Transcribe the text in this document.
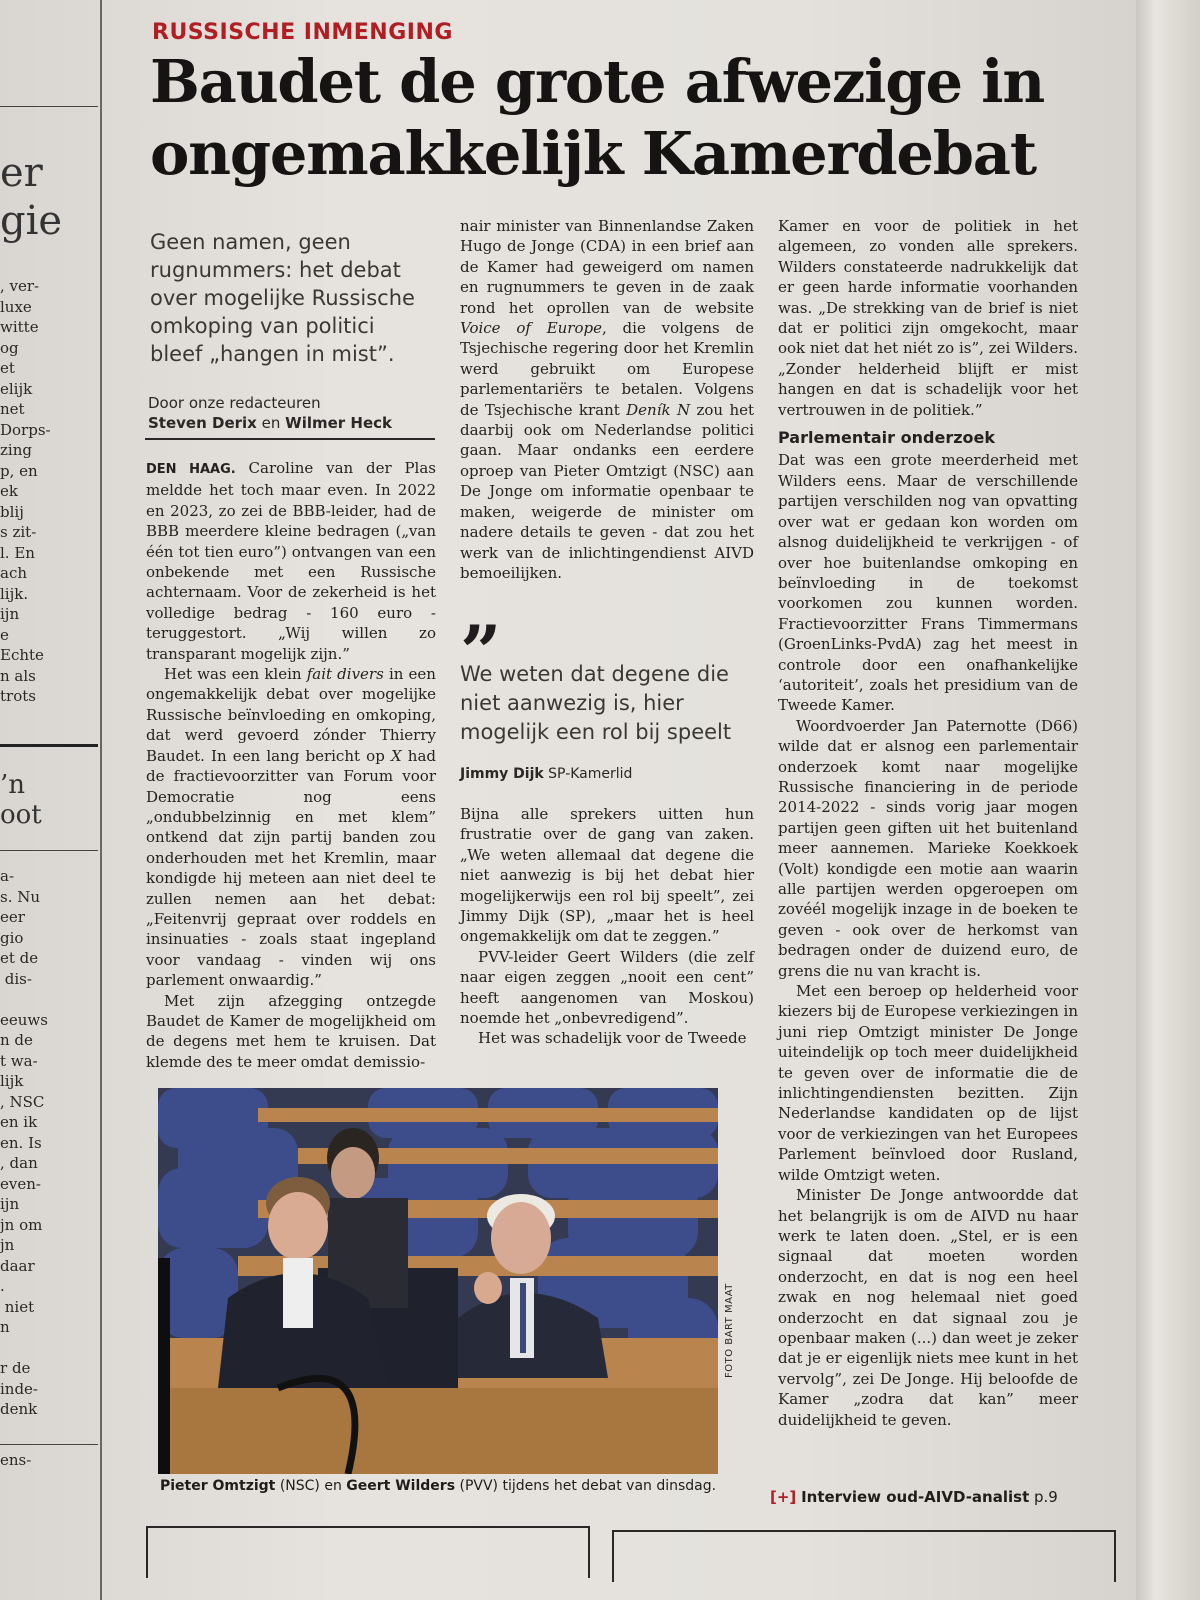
er
gie
, ver-
luxe
witte
og
et
elijk
net
Dorps-
zing
p, en
ek
blij
s zit-
l. En
ach
lijk.
ijn
e
Echte
n als
trots
’n
oot
a-
s. Nu
eer
gio
et de
dis-

eeuws
n de
t wa-
lijk
, NSC
en ik
en. Is
, dan
even-
ijn
jn om
jn
daar
.
niet
n

r de
inde-
denk
ens-
RUSSISCHE INMENGING
Baudet de grote afwezige in
ongemakkelijk Kamerdebat

Geen namen, geen rugnummers: het debat over mogelijke Russische omkoping van politici bleef „hangen in mist”.

Door onze redacteuren
Steven Derix en Wilmer Heck

DEN HAAG. Caroline van der Plas meldde het toch maar even. In 2022 en 2023, zo zei de BBB-leider, had de BBB meerdere kleine bedragen („van één tot tien euro”) ontvangen van een onbekende met een Russische achternaam. Voor de zekerheid is het volledige bedrag - 160 euro - teruggestort. „Wij willen zo transparant mogelijk zijn.”

Het was een klein fait divers in een ongemakkelijk debat over mogelijke Russische beïnvloeding en omkoping, dat werd gevoerd zónder Thierry Baudet. In een lang bericht op X had de fractievoorzitter van Forum voor Democratie nog eens „ondubbelzinnig en met klem” ontkend dat zijn partij banden zou onderhouden met het Kremlin, maar kondigde hij meteen aan niet deel te zullen nemen aan het debat: „Feitenvrij gepraat over roddels en insinuaties - zoals staat ingepland voor vandaag - vinden wij ons parlement onwaardig.”

Met zijn afzegging ontzegde Baudet de Kamer de mogelijkheid om de degens met hem te kruisen. Dat klemde des te meer omdat demissio-

nair minister van Binnenlandse Zaken Hugo de Jonge (CDA) in een brief aan de Kamer had geweigerd om namen en rugnummers te geven in de zaak rond het oprollen van de website Voice of Europe, die volgens de Tsjechische regering door het Kremlin werd gebruikt om Europese parlementariërs te betalen. Volgens de Tsjechische krant Deník N zou het daarbij ook om Nederlandse politici gaan. Maar ondanks een eerdere oproep van Pieter Omtzigt (NSC) aan De Jonge om informatie openbaar te maken, weigerde de minister om nadere details te geven - dat zou het werk van de inlichtingendienst AIVD bemoeilijken.

”

We weten dat degene die niet aanwezig is, hier mogelijk een rol bij speelt

Jimmy Dijk SP-Kamerlid

Bijna alle sprekers uitten hun frustratie over de gang van zaken. „We weten allemaal dat degene die niet aanwezig is bij het debat hier mogelijkerwijs een rol bij speelt”, zei Jimmy Dijk (SP), „maar het is heel ongemakkelijk om dat te zeggen.”

PVV-leider Geert Wilders (die zelf naar eigen zeggen „nooit een cent” heeft aangenomen van Moskou) noemde het „onbevredigend”.

Het was schadelijk voor de Tweede

Kamer en voor de politiek in het algemeen, zo vonden alle sprekers. Wilders constateerde nadrukkelijk dat er geen harde informatie voorhanden was. „De strekking van de brief is niet dat er politici zijn omgekocht, maar ook niet dat het niét zo is”, zei Wilders. „Zonder helderheid blijft er mist hangen en dat is schadelijk voor het vertrouwen in de politiek.”

Parlementair onderzoek

Dat was een grote meerderheid met Wilders eens. Maar de verschillende partijen verschilden nog van opvatting over wat er gedaan kon worden om alsnog duidelijkheid te verkrijgen - of over hoe buitenlandse omkoping en beïnvloeding in de toekomst voorkomen zou kunnen worden. Fractievoorzitter Frans Timmermans (GroenLinks-PvdA) zag het meest in controle door een onafhankelijke ‘autoriteit’, zoals het presidium van de Tweede Kamer.

Woordvoerder Jan Paternotte (D66) wilde dat er alsnog een parlementair onderzoek komt naar mogelijke Russische financiering in de periode 2014-2022 - sinds vorig jaar mogen partijen geen giften uit het buitenland meer aannemen. Marieke Koekkoek (Volt) kondigde een motie aan waarin alle partijen werden opgeroepen om zovéél mogelijk inzage in de boeken te geven - ook over de herkomst van bedragen onder de duizend euro, de grens die nu van kracht is.

Met een beroep op helderheid voor kiezers bij de Europese verkiezingen in juni riep Omtzigt minister De Jonge uiteindelijk op toch meer duidelijkheid te geven over de informatie die de inlichtingendiensten bezitten. Zijn Nederlandse kandidaten op de lijst voor de verkiezingen van het Europees Parlement beïnvloed door Rusland, wilde Omtzigt weten.

Minister De Jonge antwoordde dat het belangrijk is om de AIVD nu haar werk te laten doen. „Stel, er is een signaal dat moeten worden onderzocht, en dat is nog een heel zwak en nog helemaal niet goed onderzocht en dat signaal zou je openbaar maken (...) dan weet je zeker dat je er eigenlijk niets mee kunt in het vervolg”, zei De Jonge. Hij beloofde de Kamer „zodra dat kan” meer duidelijkheid te geven.

FOTO BART MAAT
Pieter Omtzigt (NSC) en Geert Wilders (PVV) tijdens het debat van dinsdag.
[+] Interview oud-AIVD-analist p.9
